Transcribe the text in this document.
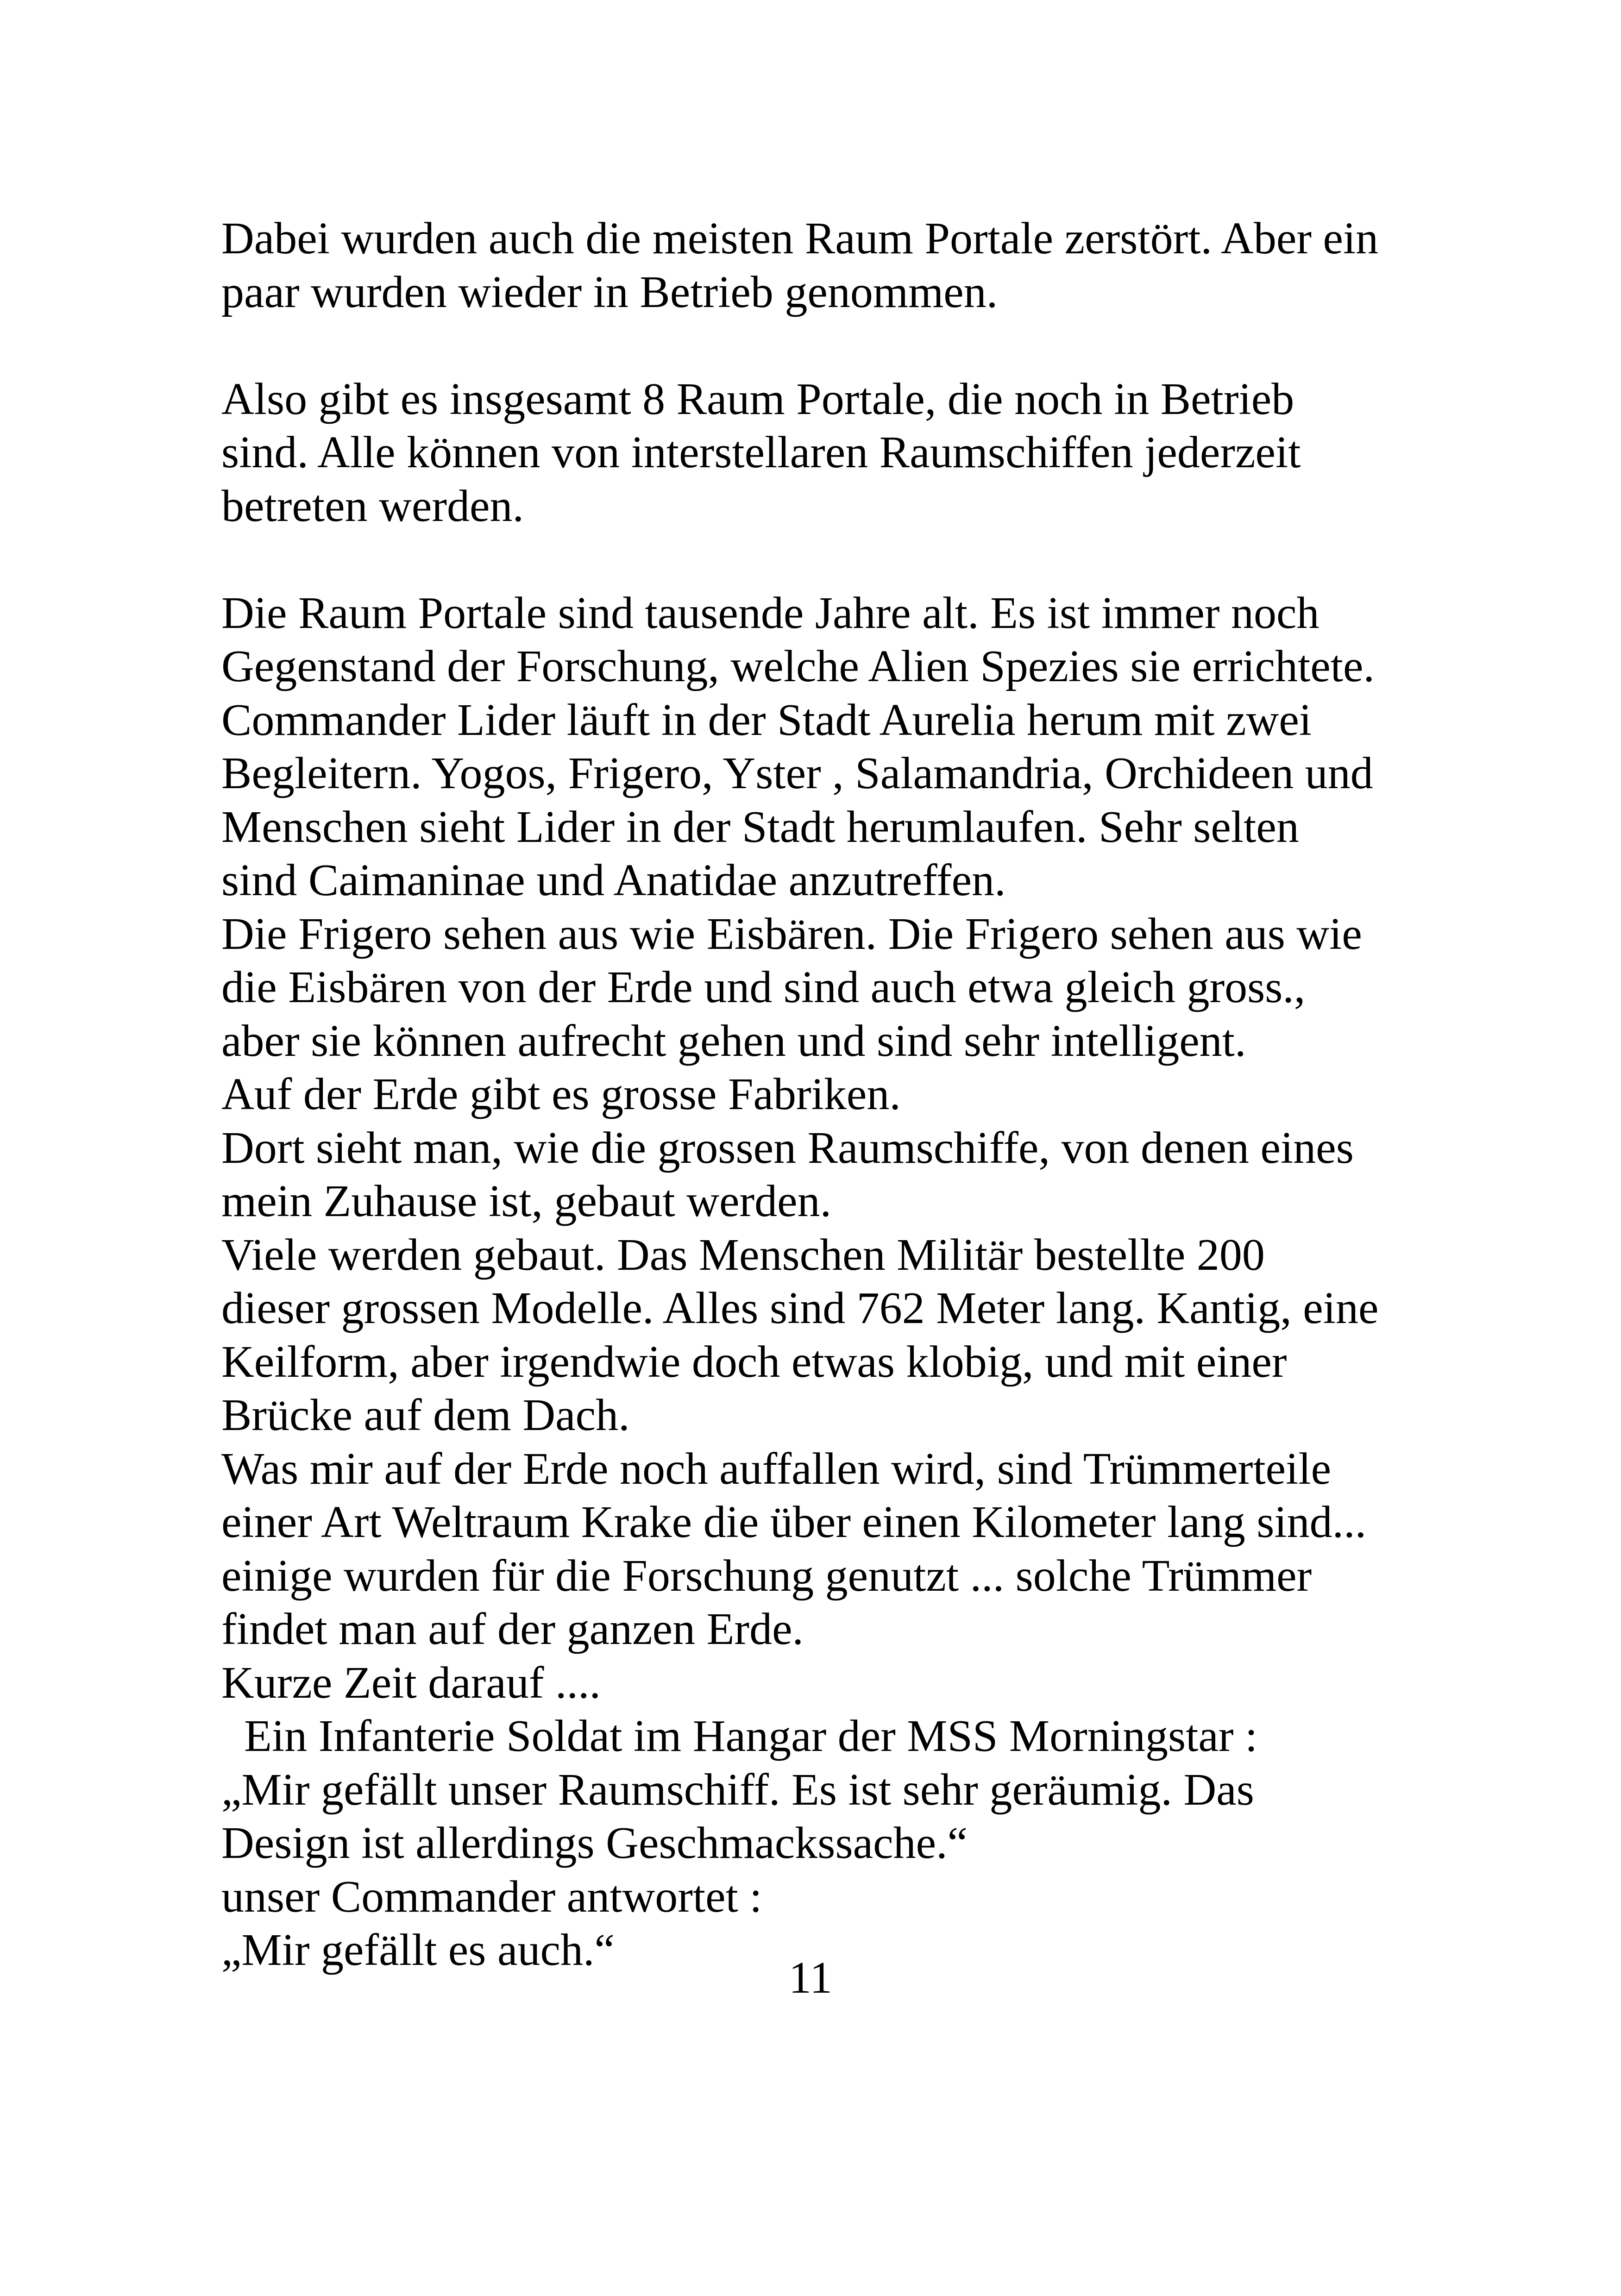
Dabei wurden auch die meisten Raum Portale zerstört. Aber ein
paar wurden wieder in Betrieb genommen.
Also gibt es insgesamt 8 Raum Portale, die noch in Betrieb
sind. Alle können von interstellaren Raumschiffen jederzeit
betreten werden.
Die Raum Portale sind tausende Jahre alt. Es ist immer noch
Gegenstand der Forschung, welche Alien Spezies sie errichtete.
Commander Lider läuft in der Stadt Aurelia herum mit zwei
Begleitern. Yogos, Frigero, Yster , Salamandria, Orchideen und
Menschen sieht Lider in der Stadt herumlaufen. Sehr selten
sind Caimaninae und Anatidae anzutreffen.
Die Frigero sehen aus wie Eisbären. Die Frigero sehen aus wie
die Eisbären von der Erde und sind auch etwa gleich gross.,
aber sie können aufrecht gehen und sind sehr intelligent.
Auf der Erde gibt es grosse Fabriken.
Dort sieht man, wie die grossen Raumschiffe, von denen eines
mein Zuhause ist, gebaut werden.
Viele werden gebaut. Das Menschen Militär bestellte 200
dieser grossen Modelle. Alles sind 762 Meter lang. Kantig, eine
Keilform, aber irgendwie doch etwas klobig, und mit einer
Brücke auf dem Dach.
Was mir auf der Erde noch auffallen wird, sind Trümmerteile
einer Art Weltraum Krake die über einen Kilometer lang sind...
einige wurden für die Forschung genutzt ... solche Trümmer
findet man auf der ganzen Erde.
Kurze Zeit darauf ....
Ein Infanterie Soldat im Hangar der MSS Morningstar :
„Mir gefällt unser Raumschiff. Es ist sehr geräumig. Das
Design ist allerdings Geschmackssache.“
unser Commander antwortet :
„Mir gefällt es auch.“
11
